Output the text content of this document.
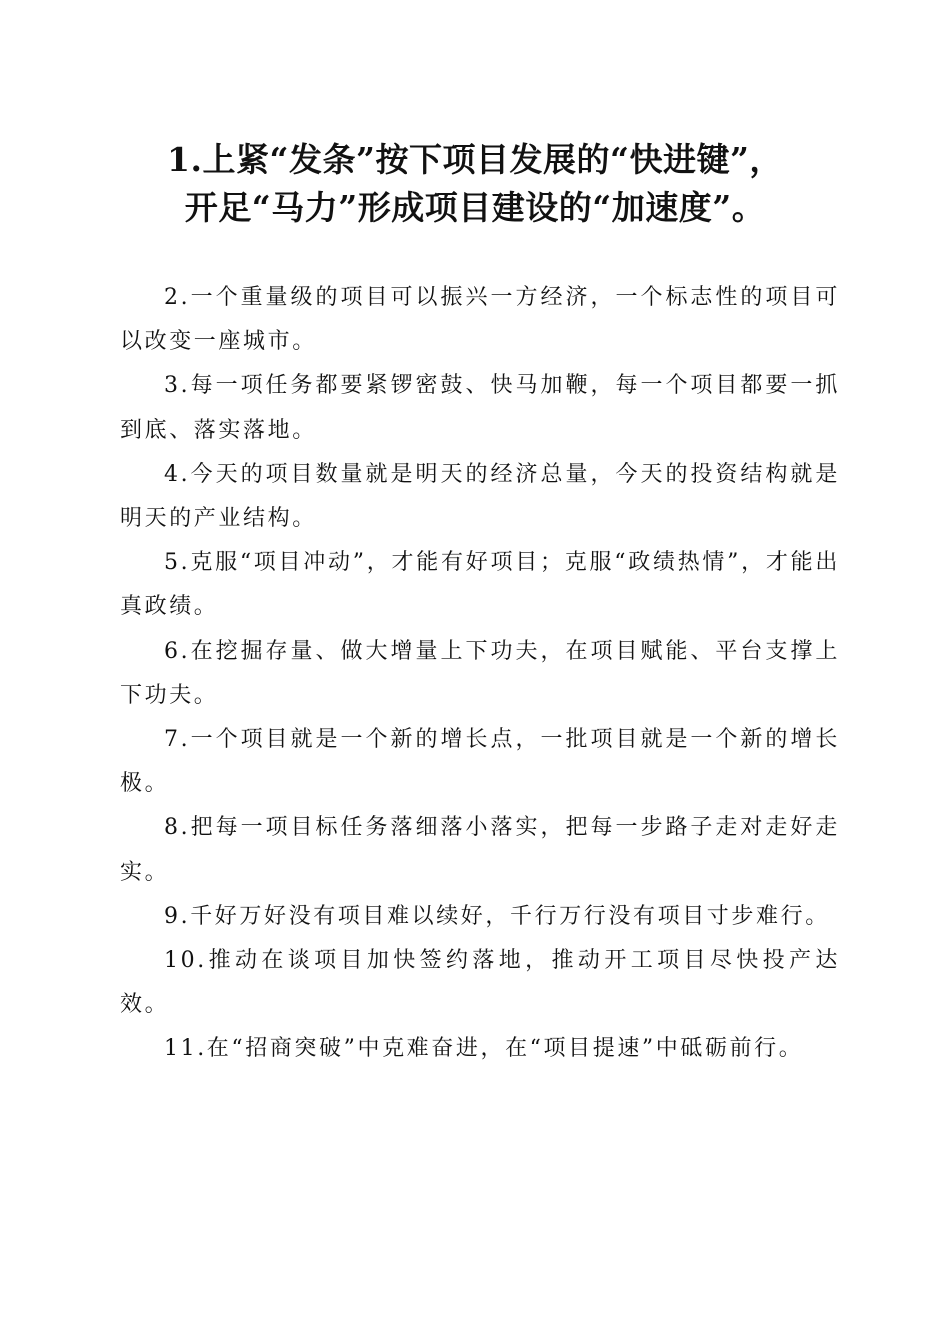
1.上紧“发条”按下项目发展的“快进键”，
开足“马力”形成项目建设的“加速度”。

2.一个重量级的项目可以振兴一方经济，一个标志性的项目可以改变一座城市。

3.每一项任务都要紧锣密鼓、快马加鞭，每一个项目都要一抓到底、落实落地。

4.今天的项目数量就是明天的经济总量，今天的投资结构就是明天的产业结构。

5.克服“项目冲动”，才能有好项目；克服“政绩热情”，才能出真政绩。

6.在挖掘存量、做大增量上下功夫，在项目赋能、平台支撑上下功夫。

7.一个项目就是一个新的增长点，一批项目就是一个新的增长极。

8.把每一项目标任务落细落小落实，把每一步路子走对走好走实。

9.千好万好没有项目难以续好，千行万行没有项目寸步难行。

10.推动在谈项目加快签约落地，推动开工项目尽快投产达效。

11.在“招商突破”中克难奋进，在“项目提速”中砥砺前行。
